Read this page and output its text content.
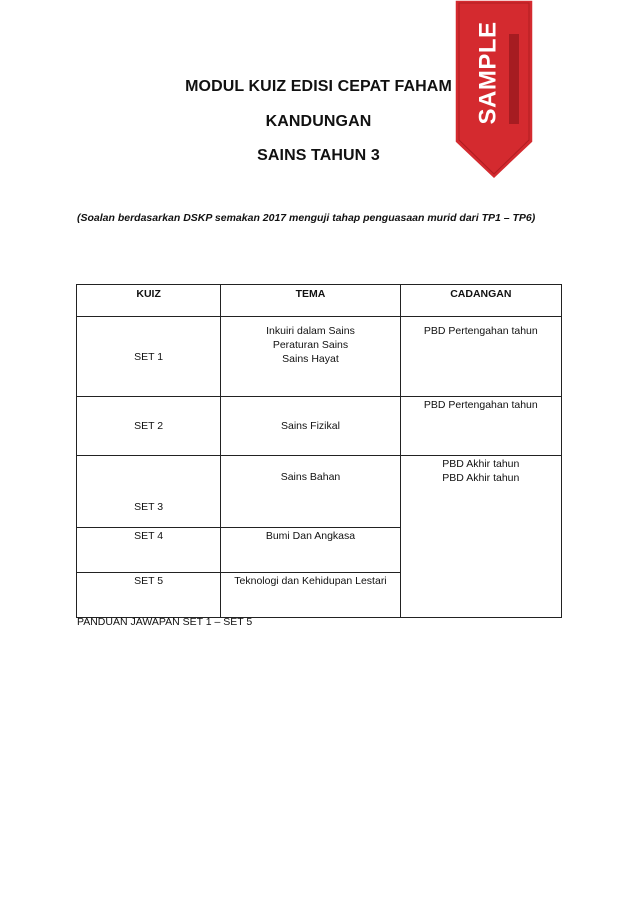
MODUL KUIZ EDISI CEPAT FAHAM
KANDUNGAN
SAINS TAHUN 3
(Soalan berdasarkan DSKP semakan 2017 menguji tahap penguasaan murid dari TP1 – TP6)
KUIZ	TEMA	CADANGAN
SET 1	Inkuiri dalam Sains
Peraturan Sains
Sains Hayat	PBD Pertengahan tahun

SET 2	Sains Fizikal	PBD Pertengahan tahun

SET 3	Sains Bahan	PBD Akhir tahun
PBD Akhir tahun

SET 4	Bumi Dan Angkasa	

SET 5	Teknologi dan Kehidupan Lestari	
PANDUAN JAWAPAN SET 1 – SET 5
SAMPLE
